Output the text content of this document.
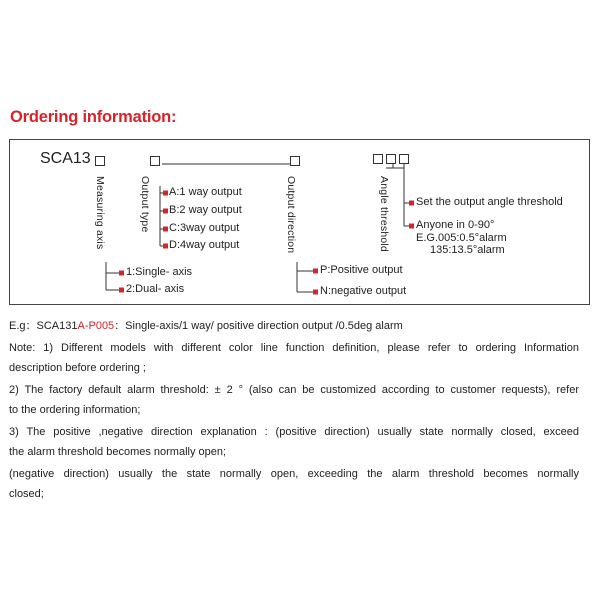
Ordering information:
SCA13
Measuring axis	Output type	Output direction	Angle threshold
1:Single- axis
2:Dual- axis
A:1 way output
B:2 way output
C:3way output
D:4way output
P:Positive output
N:negative output
Set the output angle threshold
Anyone in 0-90°
E.G.005:0.5°alarm
135:13.5°alarm

E.g：SCA131A-P005：Single-axis/1 way/ positive direction output /0.5deg alarm

Note: 1) Different models with different color line function definition, please refer to ordering Information

description before ordering ;

2) The factory default alarm threshold: ± 2 ° (also can be customized according to customer requests), refer

to the ordering information;

3) The positive ,negative direction explanation : (positive direction) usually state normally closed, exceed

the alarm threshold becomes normally open;

(negative direction) usually the state normally open, exceeding the alarm threshold becomes normally

closed;
